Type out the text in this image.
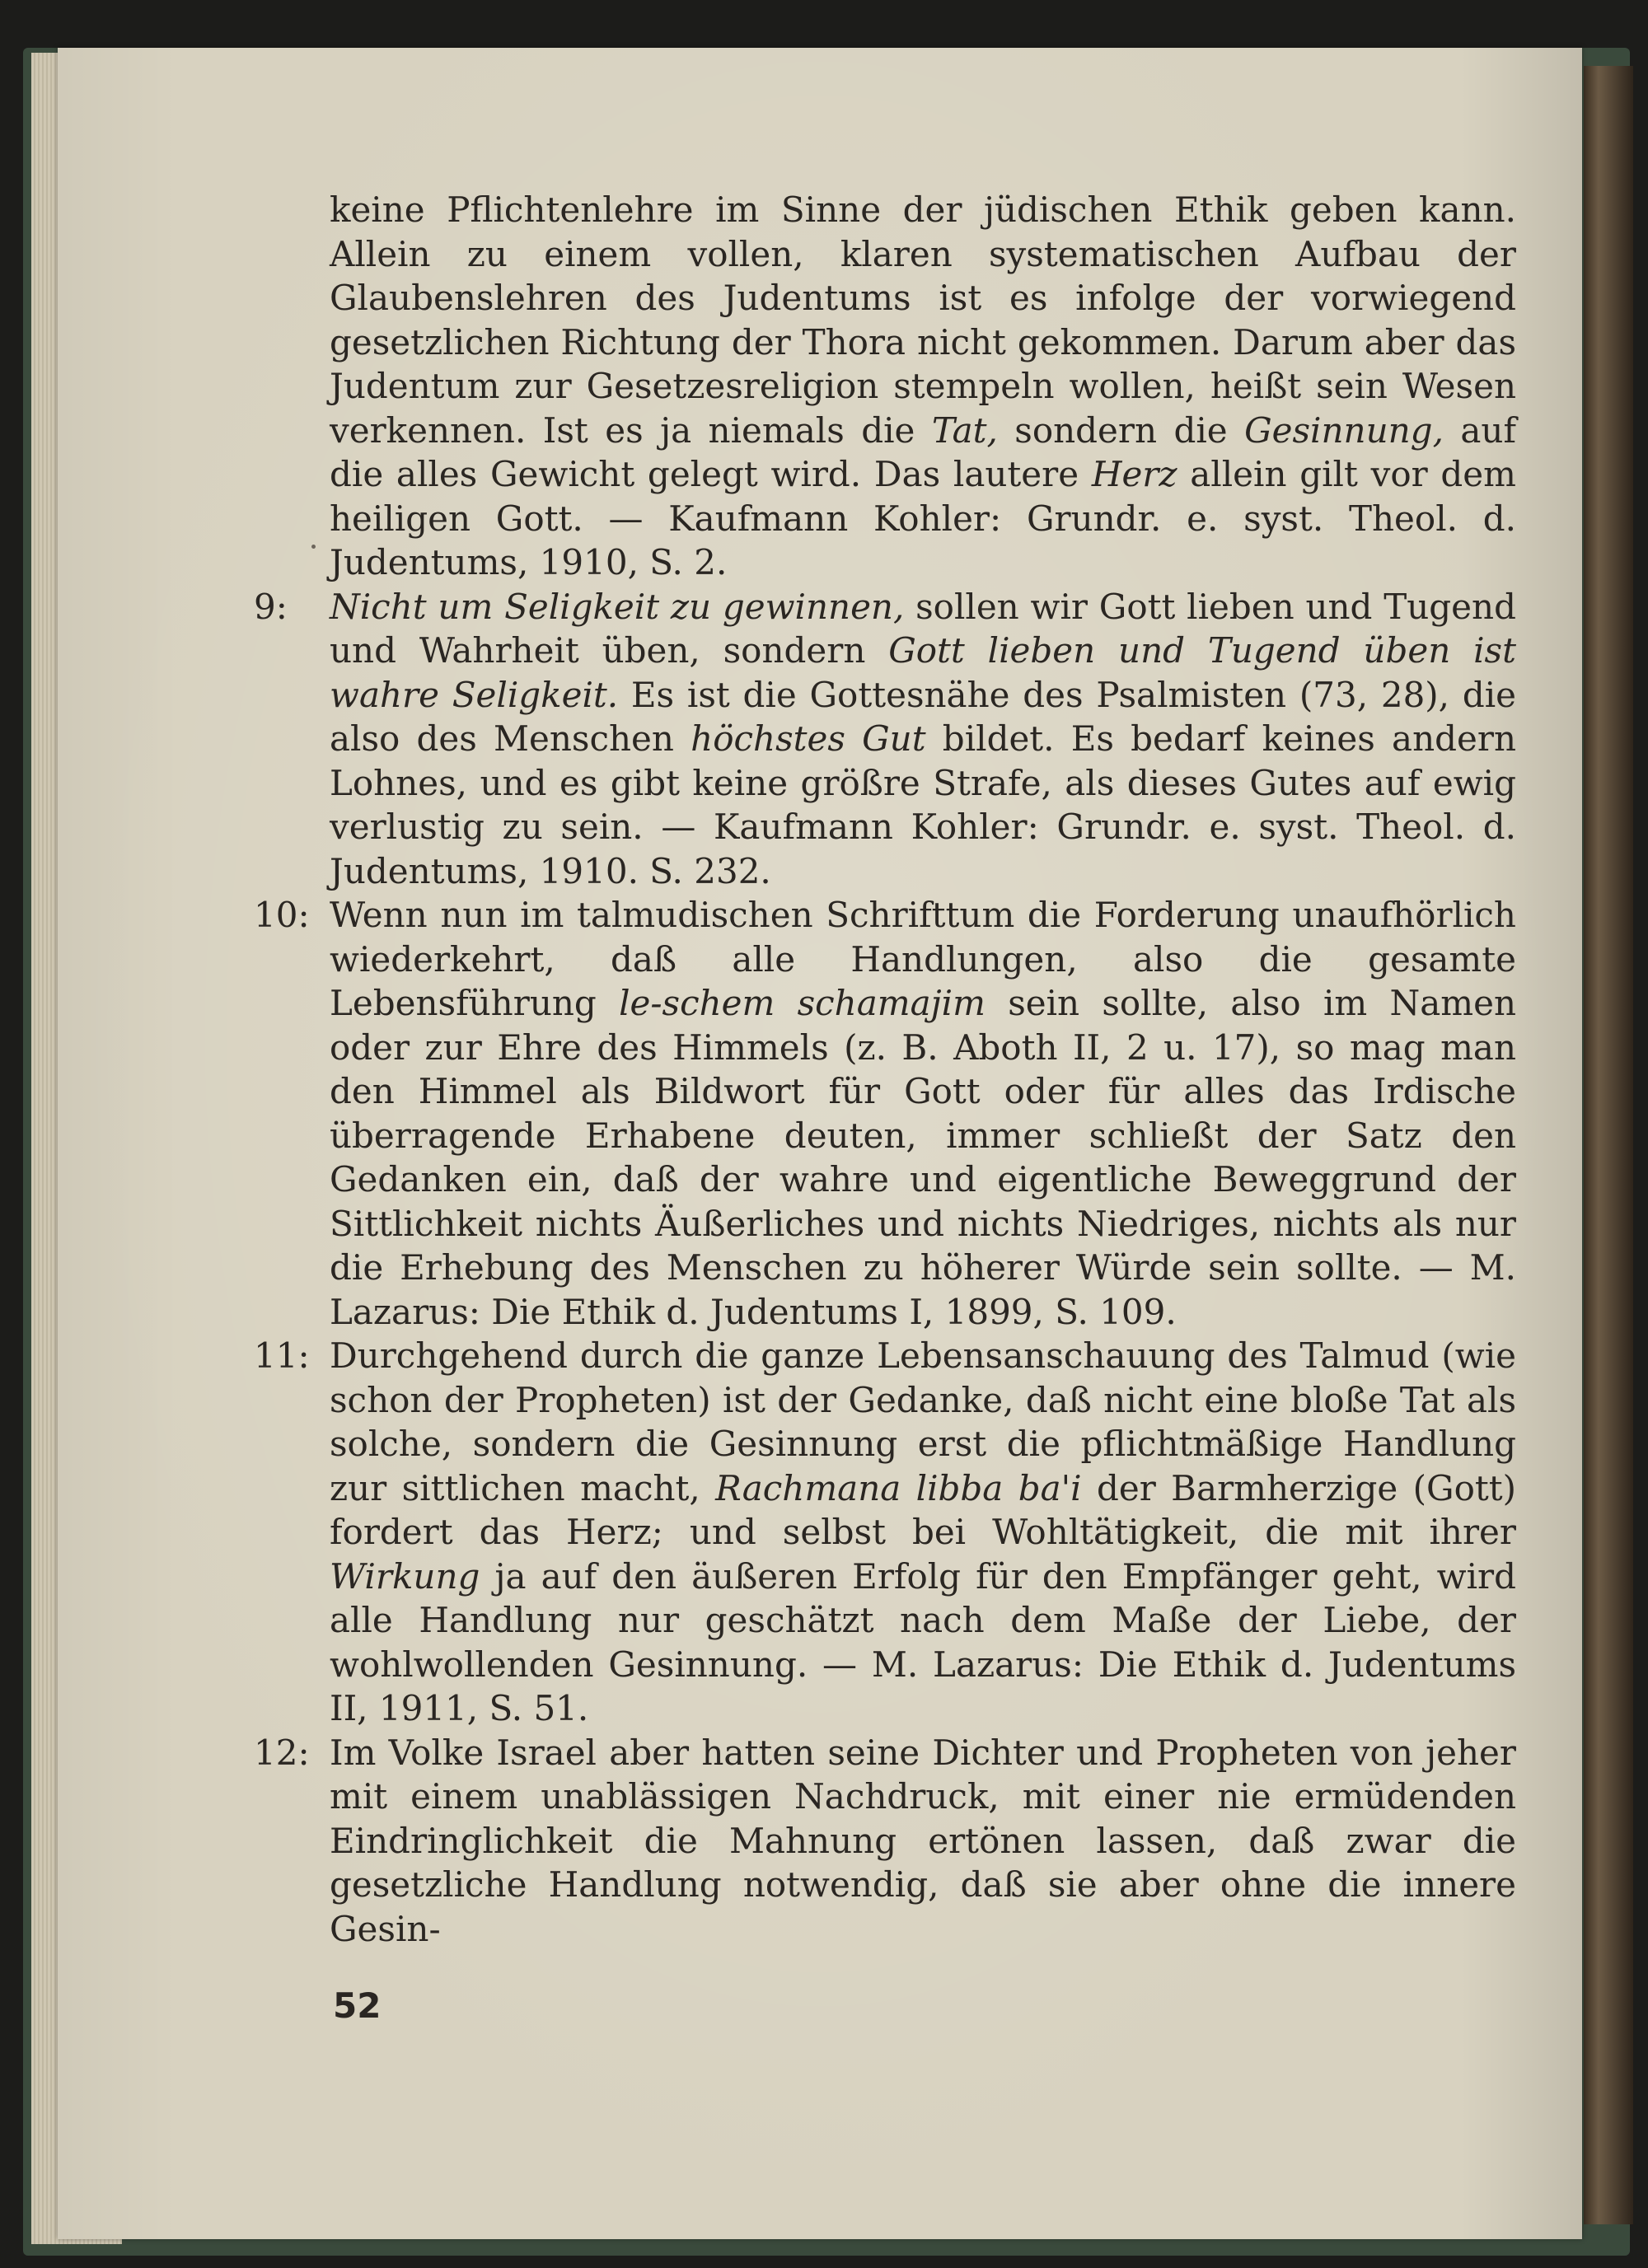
keine Pflichtenlehre im Sinne der jüdischen Ethik geben kann. Allein zu einem vollen, klaren systematischen Aufbau der Glaubenslehren des Judentums ist es infolge der vorwiegend gesetzlichen Richtung der Thora nicht gekommen. Darum aber das Judentum zur Gesetzesreligion stempeln wollen, heißt sein Wesen verkennen. Ist es ja niemals die Tat, sondern die Gesinnung, auf die alles Gewicht gelegt wird. Das lautere Herz allein gilt vor dem heiligen Gott. — Kaufmann Kohler: Grundr. e. syst. Theol. d. Judentums, 1910, S. 2.

9:	Nicht um Seligkeit zu gewinnen, sollen wir Gott lieben und Tugend und Wahrheit üben, sondern Gott lieben und Tugend üben ist wahre Seligkeit. Es ist die Gottesnähe des Psalmisten (73, 28), die also des Menschen höchstes Gut bildet. Es bedarf keines andern Lohnes, und es gibt keine größre Strafe, als dieses Gutes auf ewig verlustig zu sein. — Kaufmann Kohler: Grundr. e. syst. Theol. d. Judentums, 1910. S. 232.

10: Wenn nun im talmudischen Schrifttum die Forderung unaufhörlich wiederkehrt, daß alle Handlungen, also die gesamte Lebensführung le-schem schamajim sein sollte, also im Namen oder zur Ehre des Himmels (z. B. Aboth II, 2 u. 17), so mag man den Himmel als Bildwort für Gott oder für alles das Irdische überragende Erhabene deuten, immer schließt der Satz den Gedanken ein, daß der wahre und eigentliche Beweggrund der Sittlichkeit nichts Äußerliches und nichts Niedriges, nichts als nur die Erhebung des Menschen zu höherer Würde sein sollte. — M. Lazarus: Die Ethik d. Judentums I, 1899, S. 109.

11: Durchgehend durch die ganze Lebensanschauung des Talmud (wie schon der Propheten) ist der Gedanke, daß nicht eine bloße Tat als solche, sondern die Gesinnung erst die pflichtmäßige Handlung zur sittlichen macht, Rachmana libba ba'i der Barmherzige (Gott) fordert das Herz; und selbst bei Wohltätigkeit, die mit ihrer Wirkung ja auf den äußeren Erfolg für den Empfänger geht, wird alle Handlung nur geschätzt nach dem Maße der Liebe, der wohlwollenden Gesinnung. — M. Lazarus: Die Ethik d. Judentums II, 1911, S. 51.

12: Im Volke Israel aber hatten seine Dichter und Propheten von jeher mit einem unablässigen Nachdruck, mit einer nie ermüdenden Eindringlichkeit die Mahnung ertönen lassen, daß zwar die gesetzliche Handlung notwendig, daß sie aber ohne die innere Gesin-

52
